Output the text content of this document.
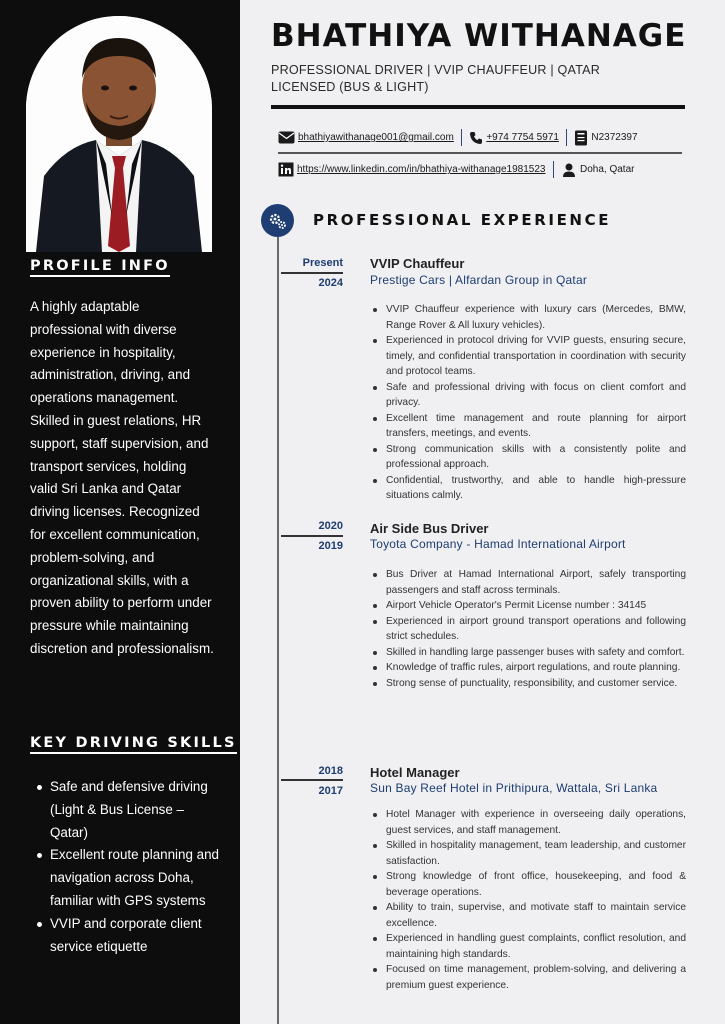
PROFILE INFO

A highly adaptable professional with diverse experience in hospitality, administration, driving, and operations management. Skilled in guest relations, HR support, staff supervision, and transport services, holding valid Sri Lanka and Qatar driving licenses. Recognized for excellent communication, problem-solving, and organizational skills, with a proven ability to perform under pressure while maintaining discretion and professionalism.

KEY DRIVING SKILLS
Safe and defensive driving (Light & Bus License – Qatar)
Excellent route planning and navigation across Doha, familiar with GPS systems
VVIP and corporate client service etiquette
BHATHIYA WITHANAGE

PROFESSIONAL DRIVER | VVIP CHAUFFEUR | QATAR LICENSED (BUS & LIGHT)

bhathiyawithanage001@gmail.com	+974 7754 5971	N2372397
https://www.linkedin.com/in/bhathiya-withanage1981523	Doha, Qatar
PROFESSIONAL EXPERIENCE
Present
2024
VVIP Chauffeur
Prestige Cars | Alfardan Group in Qatar
VVIP Chauffeur experience with luxury cars (Mercedes, BMW, Range Rover & All luxury vehicles).
Experienced in protocol driving for VVIP guests, ensuring secure, timely, and confidential transportation in coordination with security and protocol teams.
Safe and professional driving with focus on client comfort and privacy.
Excellent time management and route planning for airport transfers, meetings, and events.
Strong communication skills with a consistently polite and professional approach.
Confidential, trustworthy, and able to handle high-pressure situations calmly.
2020
2019
Air Side Bus Driver
Toyota Company - Hamad International Airport
Bus Driver at Hamad International Airport, safely transporting passengers and staff across terminals.
Airport Vehicle Operator's Permit License number : 34145
Experienced in airport ground transport operations and following strict schedules.
Skilled in handling large passenger buses with safety and comfort.
Knowledge of traffic rules, airport regulations, and route planning.
Strong sense of punctuality, responsibility, and customer service.
2018
2017
Hotel Manager
Sun Bay Reef Hotel in Prithipura, Wattala, Sri Lanka
Hotel Manager with experience in overseeing daily operations, guest services, and staff management.
Skilled in hospitality management, team leadership, and customer satisfaction.
Strong knowledge of front office, housekeeping, and food & beverage operations.
Ability to train, supervise, and motivate staff to maintain service excellence.
Experienced in handling guest complaints, conflict resolution, and maintaining high standards.
Focused on time management, problem-solving, and delivering a premium guest experience.
